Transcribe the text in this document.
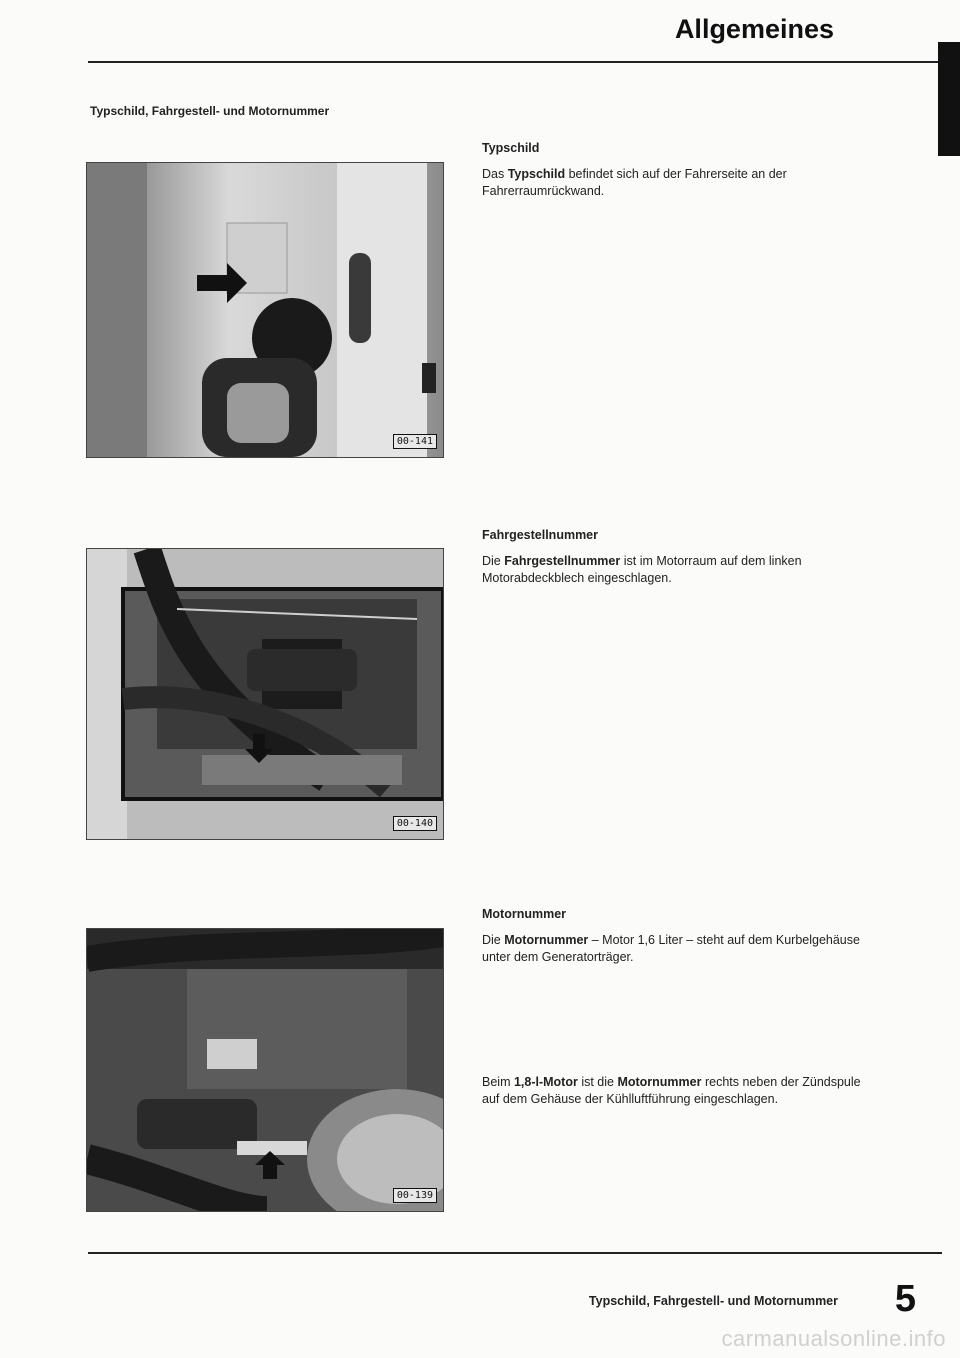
Allgemeines
Typschild, Fahrgestell- und Motornummer
00-141
00-140
00-139
Typschild

Das Typschild befindet sich auf der Fahrerseite an der Fahrerraumrückwand.

Fahrgestellnummer

Die Fahrgestellnummer ist im Motorraum auf dem linken Motorabdeckblech eingeschlagen.

Motornummer

Die Motornummer – Motor 1,6 Liter – steht auf dem Kurbelgehäuse unter dem Generatorträger.

Beim 1,8-l-Motor ist die Motornummer rechts neben der Zündspule auf dem Gehäuse der Kühlluftführung eingeschlagen.

Typschild, Fahrgestell- und Motornummer 5
carmanualsonline.info
